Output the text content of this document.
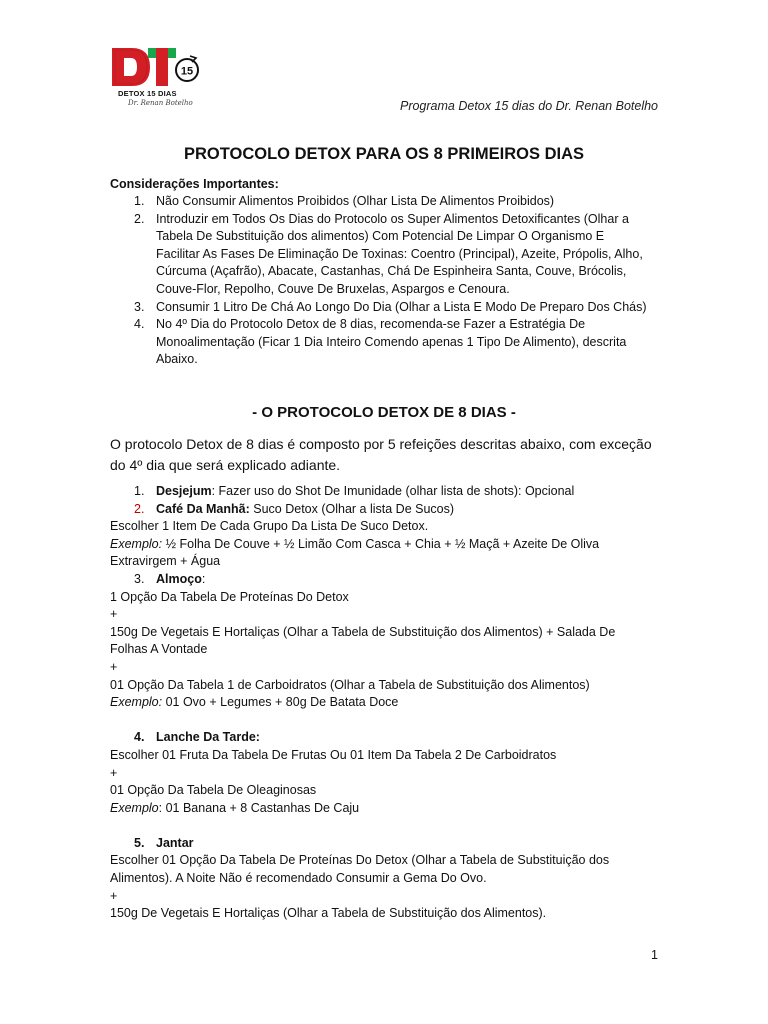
15
DETOX 15 DIAS
Dr. Renan Botelho	Programa Detox 15 dias do Dr. Renan Botelho
PROTOCOLO DETOX PARA OS 8 PRIMEIROS DIAS
Considerações Importantes:
1. Não Consumir Alimentos Proibidos (Olhar Lista De Alimentos Proibidos)
2. Introduzir em Todos Os Dias do Protocolo os Super Alimentos Detoxificantes (Olhar a
Tabela De Substituição dos alimentos) Com Potencial De Limpar O Organismo E
Facilitar As Fases De Eliminação De Toxinas: Coentro (Principal), Azeite, Própolis, Alho,
Cúrcuma (Açafrão), Abacate, Castanhas, Chá De Espinheira Santa, Couve, Brócolis,
Couve-Flor, Repolho, Couve De Bruxelas, Aspargos e Cenoura.
3. Consumir 1 Litro De Chá Ao Longo Do Dia (Olhar a Lista E Modo De Preparo Dos Chás)
4. No 4º Dia do Protocolo Detox de 8 dias, recomenda-se Fazer a Estratégia De
Monoalimentação (Ficar 1 Dia Inteiro Comendo apenas 1 Tipo De Alimento), descrita
Abaixo.
- O PROTOCOLO DETOX DE 8 DIAS -
O protocolo Detox de 8 dias é composto por 5 refeições descritas abaixo, com exceção
do 4º dia que será explicado adiante.
1. Desjejum: Fazer uso do Shot De Imunidade (olhar lista de shots): Opcional
2. Café Da Manhã: Suco Detox (Olhar a lista De Sucos)
Escolher 1 Item De Cada Grupo Da Lista De Suco Detox.
Exemplo: ½ Folha De Couve + ½ Limão Com Casca + Chia + ½ Maçã + Azeite De Oliva
Extravirgem + Água
3. Almoço:
1 Opção Da Tabela De Proteínas Do Detox
+
150g De Vegetais E Hortaliças (Olhar a Tabela de Substituição dos Alimentos) + Salada De
Folhas A Vontade
+
01 Opção Da Tabela 1 de Carboidratos (Olhar a Tabela de Substituição dos Alimentos)
Exemplo: 01 Ovo + Legumes + 80g De Batata Doce
4. Lanche Da Tarde:
Escolher 01 Fruta Da Tabela De Frutas Ou 01 Item Da Tabela 2 De Carboidratos
+
01 Opção Da Tabela De Oleaginosas
Exemplo: 01 Banana + 8 Castanhas De Caju
5. Jantar
Escolher 01 Opção Da Tabela De Proteínas Do Detox (Olhar a Tabela de Substituição dos
Alimentos). A Noite Não é recomendado Consumir a Gema Do Ovo.
+
150g De Vegetais E Hortaliças (Olhar a Tabela de Substituição dos Alimentos).
1
